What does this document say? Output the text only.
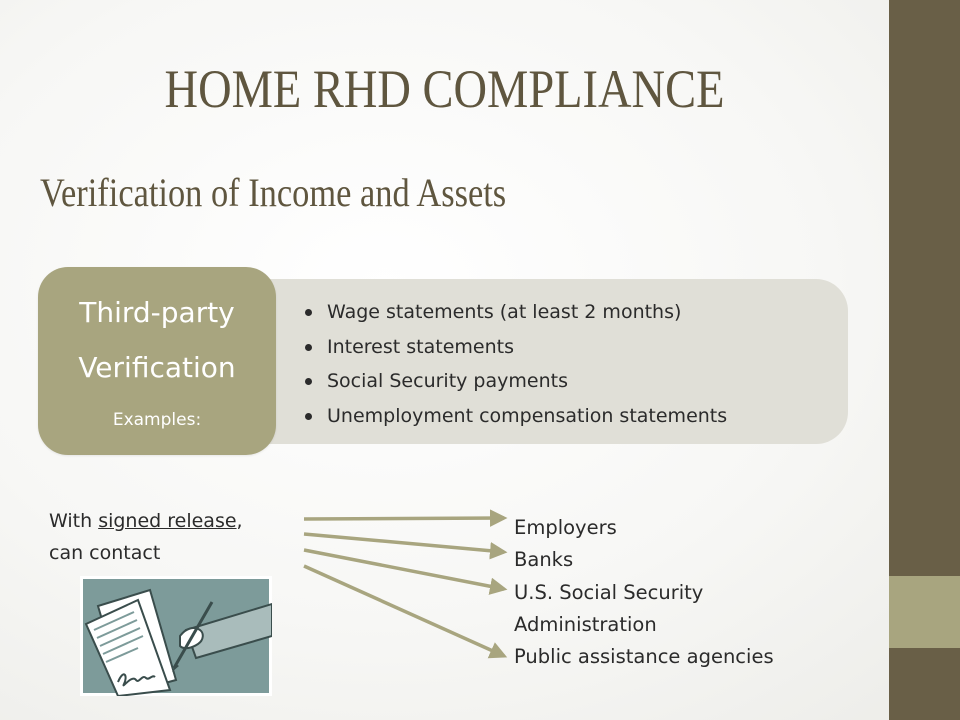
HOME RHD COMPLIANCE
Verification of Income and Assets
Wage statements (at least 2 months)
Interest statements
Social Security payments
Unemployment compensation statements
Third-party
Verification
Examples:
With signed release,
can contact
Employers
Banks
U.S. Social Security
Administration
Public assistance agencies
